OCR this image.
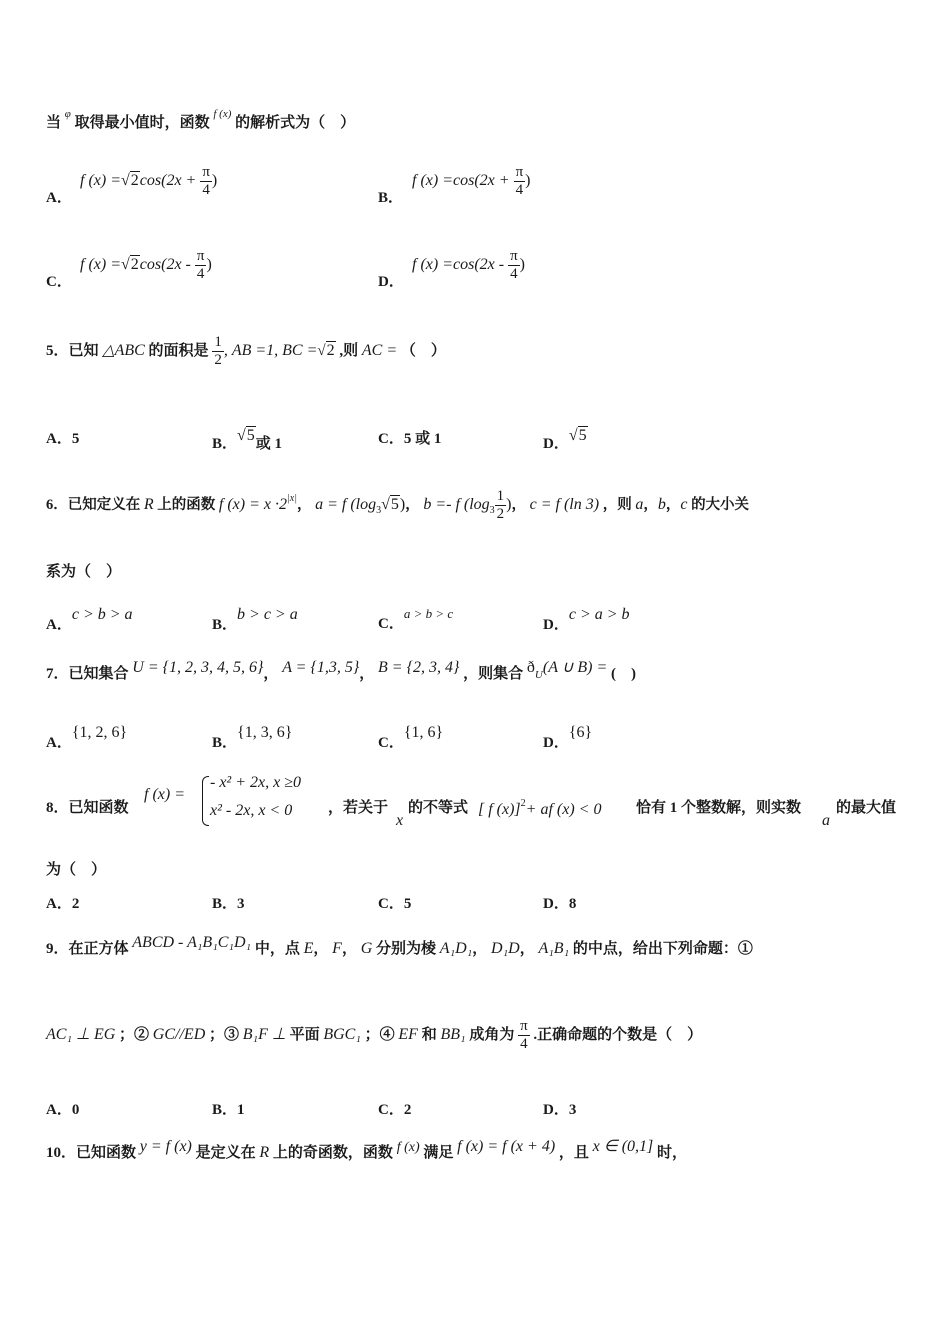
当 $^\varphi$ 取得最小值时，函数 $^{f (x)}$ 的解析式为（　）
A．
f $(x) =√2\cos(2x + \frac{\pi}{4}$ )
B．
f $(x) =\cos(2x + \frac{\pi}{4}$ )
C．
f $(x) =√2\cos(2x - \frac{\pi}{4}$ )
D．
f $(x) =\cos(2x - \frac{\pi}{4}$ )
5．已知 △ABC 的面积是 $\frac{1}{2}$ , AB =1, BC =√2 ,则 AC = （　）
A．5	B．√5或 1	C．5 或 1	D．√5
6．已知定义在 R 上的函数 f $(x) = x \cdot 2^{|x|}$， a = f $(\log_3√5)$， b =- f ($\log_3 \frac{1}{2}$ )， c = f (ln 3) ，则 a，b，c 的大小关
系为（　）
A．c > b > a
B．b > c > a
C．a > b > c
D．c > a > b
7．已知集合 U = {1, 2, 3, 4, 5, 6}， A = {1,3, 5}， B = {2, 3, 4} ，则集合 ðU(A ∪ B) = (　)
A．{1, 2, 6}
B．{1, 3, 6}
C．{1, 6}
D．{6}
8．已知函数
f (x) =
- x² + 2x, x ≥0
x² - 2x, x < 0 ，若关于
x
的不等式 [ f (x)]$^2$+ af (x) < 0 恰有 1 个整数解，则实数
a
的最大值
为（　）
A．2	B．3	C．5	D．8
9．在正方体 ABCD - A₁B₁C₁D₁ 中，点 E， F， G 分别为棱 A₁D₁， D₁D， A₁B₁ 的中点，给出下列命题：①
AC₁ ⊥ EG ；② GC//ED ；③ B₁F ⊥ 平面 BGC₁ ；④ EF 和 BB₁ 成角为 $\frac{\pi}{4}$ .正确命题的个数是（　）
A．0	B．1	C．2	D．3
10．已知函数 y = f (x) 是定义在 R 上的奇函数，函数 f (x) 满足 f (x) = f (x + 4) ，且 x ∈ (0,1] 时，
